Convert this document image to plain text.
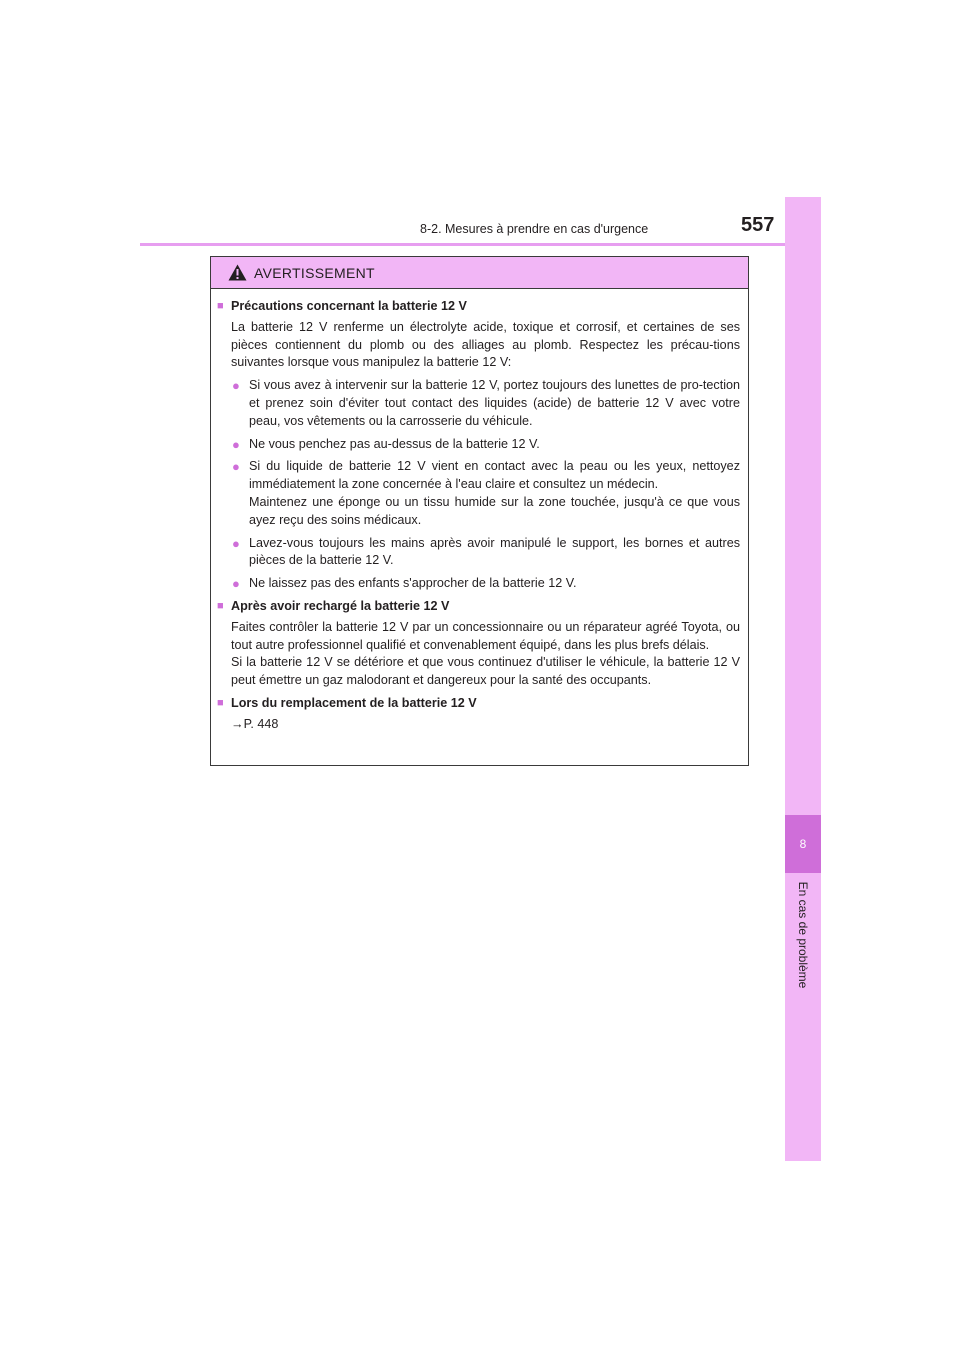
8-2. Mesures à prendre en cas d'urgence	557
8
En cas de problème
AVERTISSEMENT
■ Précautions concernant la batterie 12 V
La batterie 12 V renferme un électrolyte acide, toxique et corrosif, et certaines de ses pièces contiennent du plomb ou des alliages au plomb. Respectez les précau-tions suivantes lorsque vous manipulez la batterie 12 V:
● Si vous avez à intervenir sur la batterie 12 V, portez toujours des lunettes de pro-tection et prenez soin d'éviter tout contact des liquides (acide) de batterie 12 V avec votre peau, vos vêtements ou la carrosserie du véhicule.
● Ne vous penchez pas au-dessus de la batterie 12 V.
● Si du liquide de batterie 12 V vient en contact avec la peau ou les yeux, nettoyez immédiatement la zone concernée à l'eau claire et consultez un médecin.
Maintenez une éponge ou un tissu humide sur la zone touchée, jusqu'à ce que vous ayez reçu des soins médicaux.
● Lavez-vous toujours les mains après avoir manipulé le support, les bornes et autres pièces de la batterie 12 V.
● Ne laissez pas des enfants s'approcher de la batterie 12 V.
■ Après avoir rechargé la batterie 12 V
Faites contrôler la batterie 12 V par un concessionnaire ou un réparateur agréé Toyota, ou tout autre professionnel qualifié et convenablement équipé, dans les plus brefs délais.
Si la batterie 12 V se détériore et que vous continuez d'utiliser le véhicule, la batterie 12 V peut émettre un gaz malodorant et dangereux pour la santé des occupants.
■ Lors du remplacement de la batterie 12 V
→P. 448
